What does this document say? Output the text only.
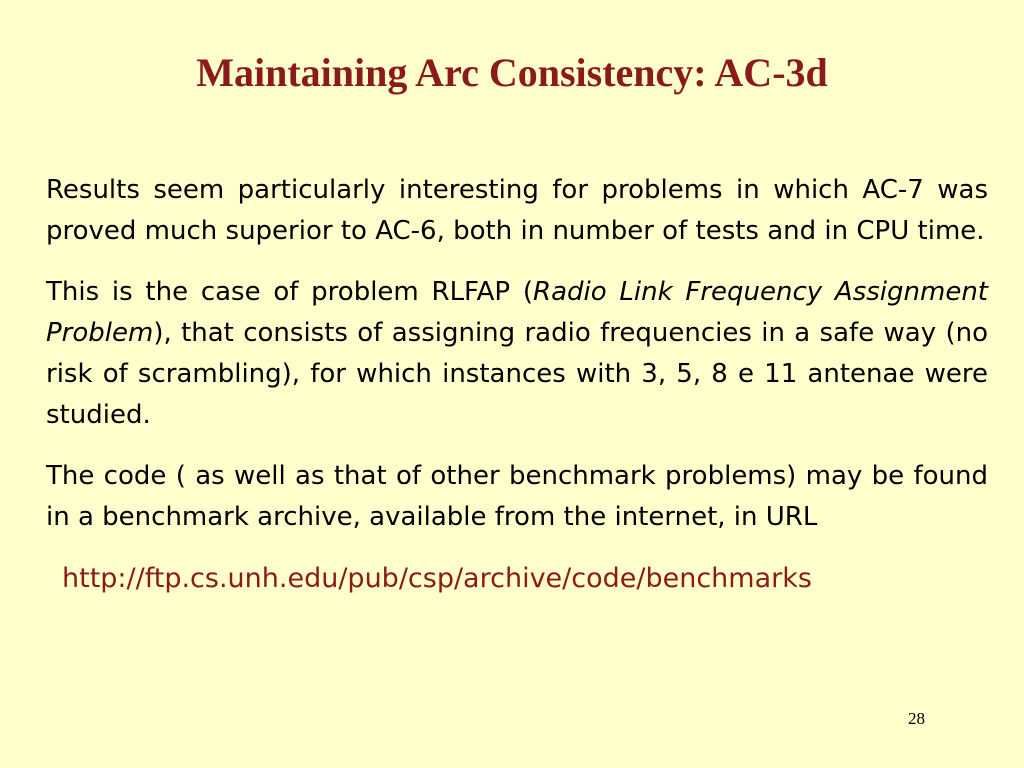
Maintaining Arc Consistency: AC-3d

Results seem particularly interesting for problems in which AC-7 was proved much superior to AC-6, both in number of tests and in CPU time.

This is the case of problem RLFAP (Radio Link Frequency Assignment Problem), that consists of assigning radio frequencies in a safe way (no risk of scrambling), for which instances with 3, 5, 8 e 11 antenae were studied.

The code ( as well as that of other benchmark problems) may be found in a benchmark archive, available from the internet, in URL

http://ftp.cs.unh.edu/pub/csp/archive/code/benchmarks

28
